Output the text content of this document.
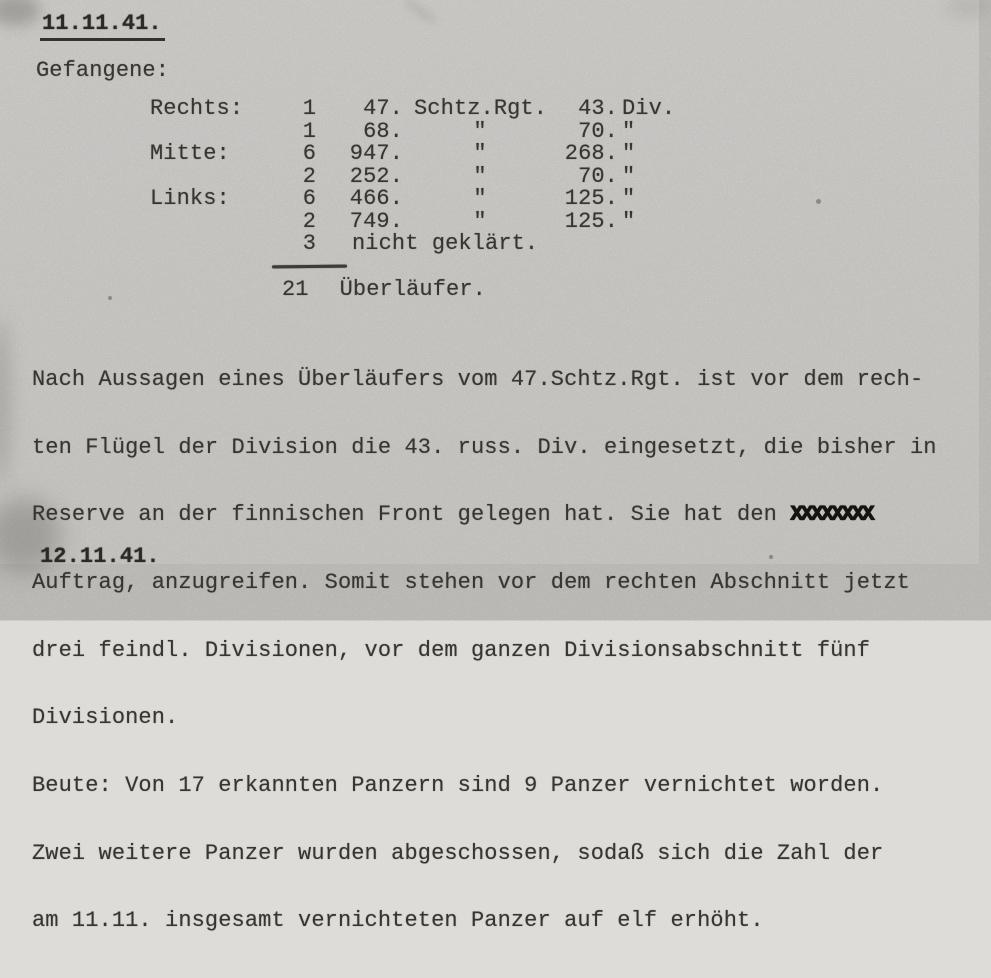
11.11.41.
Gefangene:
Rechts:	1	47. Schtz.Rgt.	43. Div.
1	68.	"	70. "
Mitte:	6	947.	"	268. "
2	252.	"	70. "
Links:	6	466.	"	125. "
2	749.	"	125. "
3	nicht geklärt.
21 Überläufer.

Nach Aussagen eines Überläufers vom 47.Schtz.Rgt. ist vor dem rech-

ten Flügel der Division die 43. russ. Div. eingesetzt, die bisher in

Reserve an der finnischen Front gelegen hat. Sie hat den XXXXXXXX

Auftrag, anzugreifen. Somit stehen vor dem rechten Abschnitt jetzt

drei feindl. Divisionen, vor dem ganzen Divisionsabschnitt fünf

Divisionen.

Beute: Von 17 erkannten Panzern sind 9 Panzer vernichtet worden.

Zwei weitere Panzer wurden abgeschossen, sodaß sich die Zahl der

am 11.11. insgesamt vernichteten Panzer auf elf erhöht.

12.11.41.
